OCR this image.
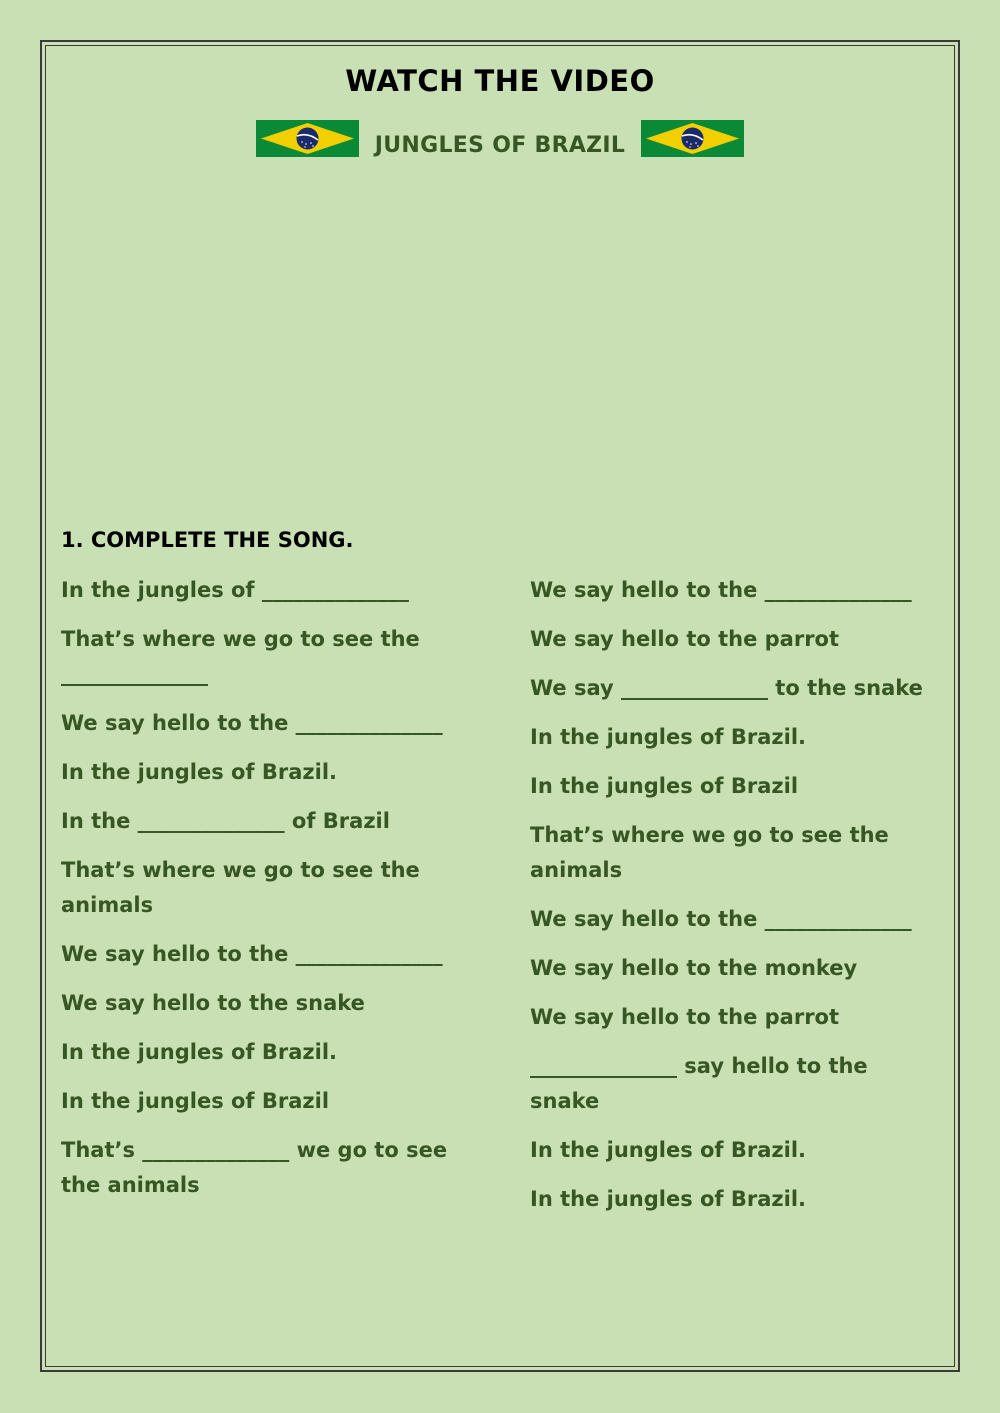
WATCH THE VIDEO
JUNGLES OF BRAZIL
1. COMPLETE THE SONG.

In the jungles of ______________

That’s where we go to see the ______________

We say hello to the ______________

In the jungles of Brazil.

In the ______________ of Brazil

That’s where we go to see the animals

We say hello to the ______________

We say hello to the snake

In the jungles of Brazil.

In the jungles of Brazil

That’s ______________ we go to see the animals

We say hello to the ______________

We say hello to the parrot

We say ______________ to the snake

In the jungles of Brazil.

In the jungles of Brazil

That’s where we go to see the animals

We say hello to the ______________

We say hello to the monkey

We say hello to the parrot

______________ say hello to the snake

In the jungles of Brazil.

In the jungles of Brazil.
